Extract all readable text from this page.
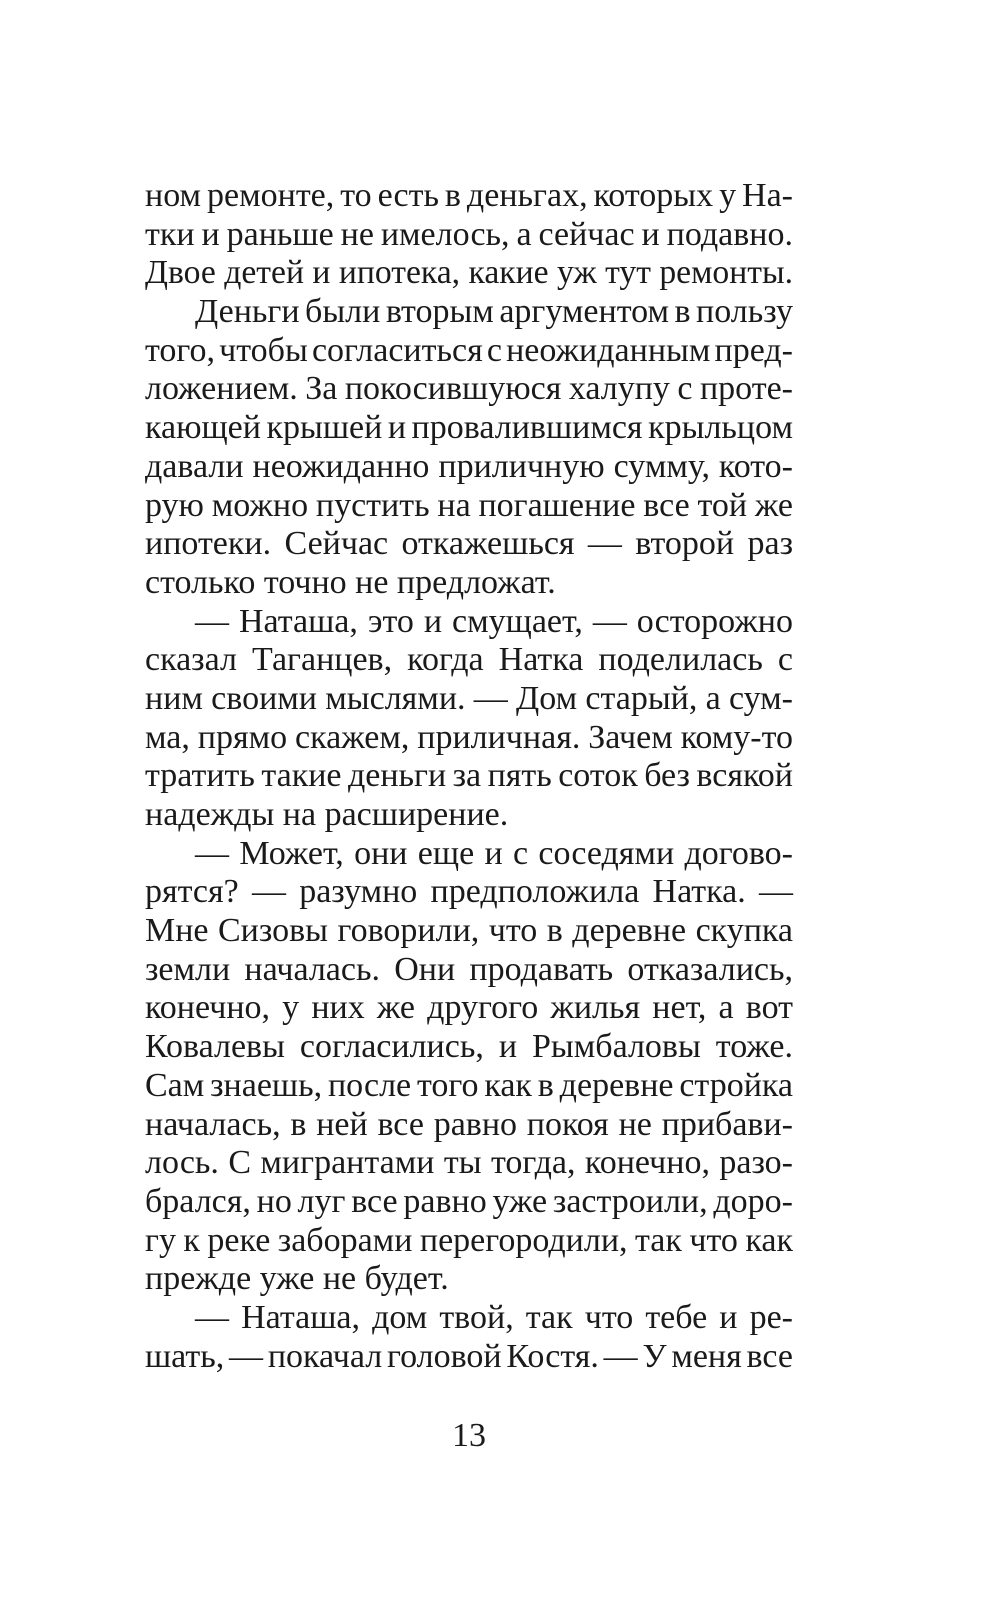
ном ремонте, то есть в деньгах, которых у На-
тки и раньше не имелось, а сейчас и подавно.
Двое детей и ипотека, какие уж тут ремонты.
Деньги были вторым аргументом в пользу
того, чтобы согласиться с неожиданным пред-
ложением. За покосившуюся халупу с проте-
кающей крышей и провалившимся крыльцом
давали неожиданно приличную сумму, кото-
рую можно пустить на погашение все той же
ипотеки. Сейчас откажешься — второй раз
столько точно не предложат.
— Наташа, это и смущает, — осторожно
сказал Таганцев, когда Натка поделилась с
ним своими мыслями. — Дом старый, а сум-
ма, прямо скажем, приличная. Зачем кому-то
тратить такие деньги за пять соток без всякой
надежды на расширение.
— Может, они еще и с соседями догово-
рятся? — разумно предположила Натка. —
Мне Сизовы говорили, что в деревне скупка
земли началась. Они продавать отказались,
конечно, у них же другого жилья нет, а вот
Ковалевы согласились, и Рымбаловы тоже.
Сам знаешь, после того как в деревне стройка
началась, в ней все равно покоя не прибави-
лось. С мигрантами ты тогда, конечно, разо-
брался, но луг все равно уже застроили, доро-
гу к реке заборами перегородили, так что как
прежде уже не будет.
— Наташа, дом твой, так что тебе и ре-
шать, — покачал головой Костя. — У меня все
13
